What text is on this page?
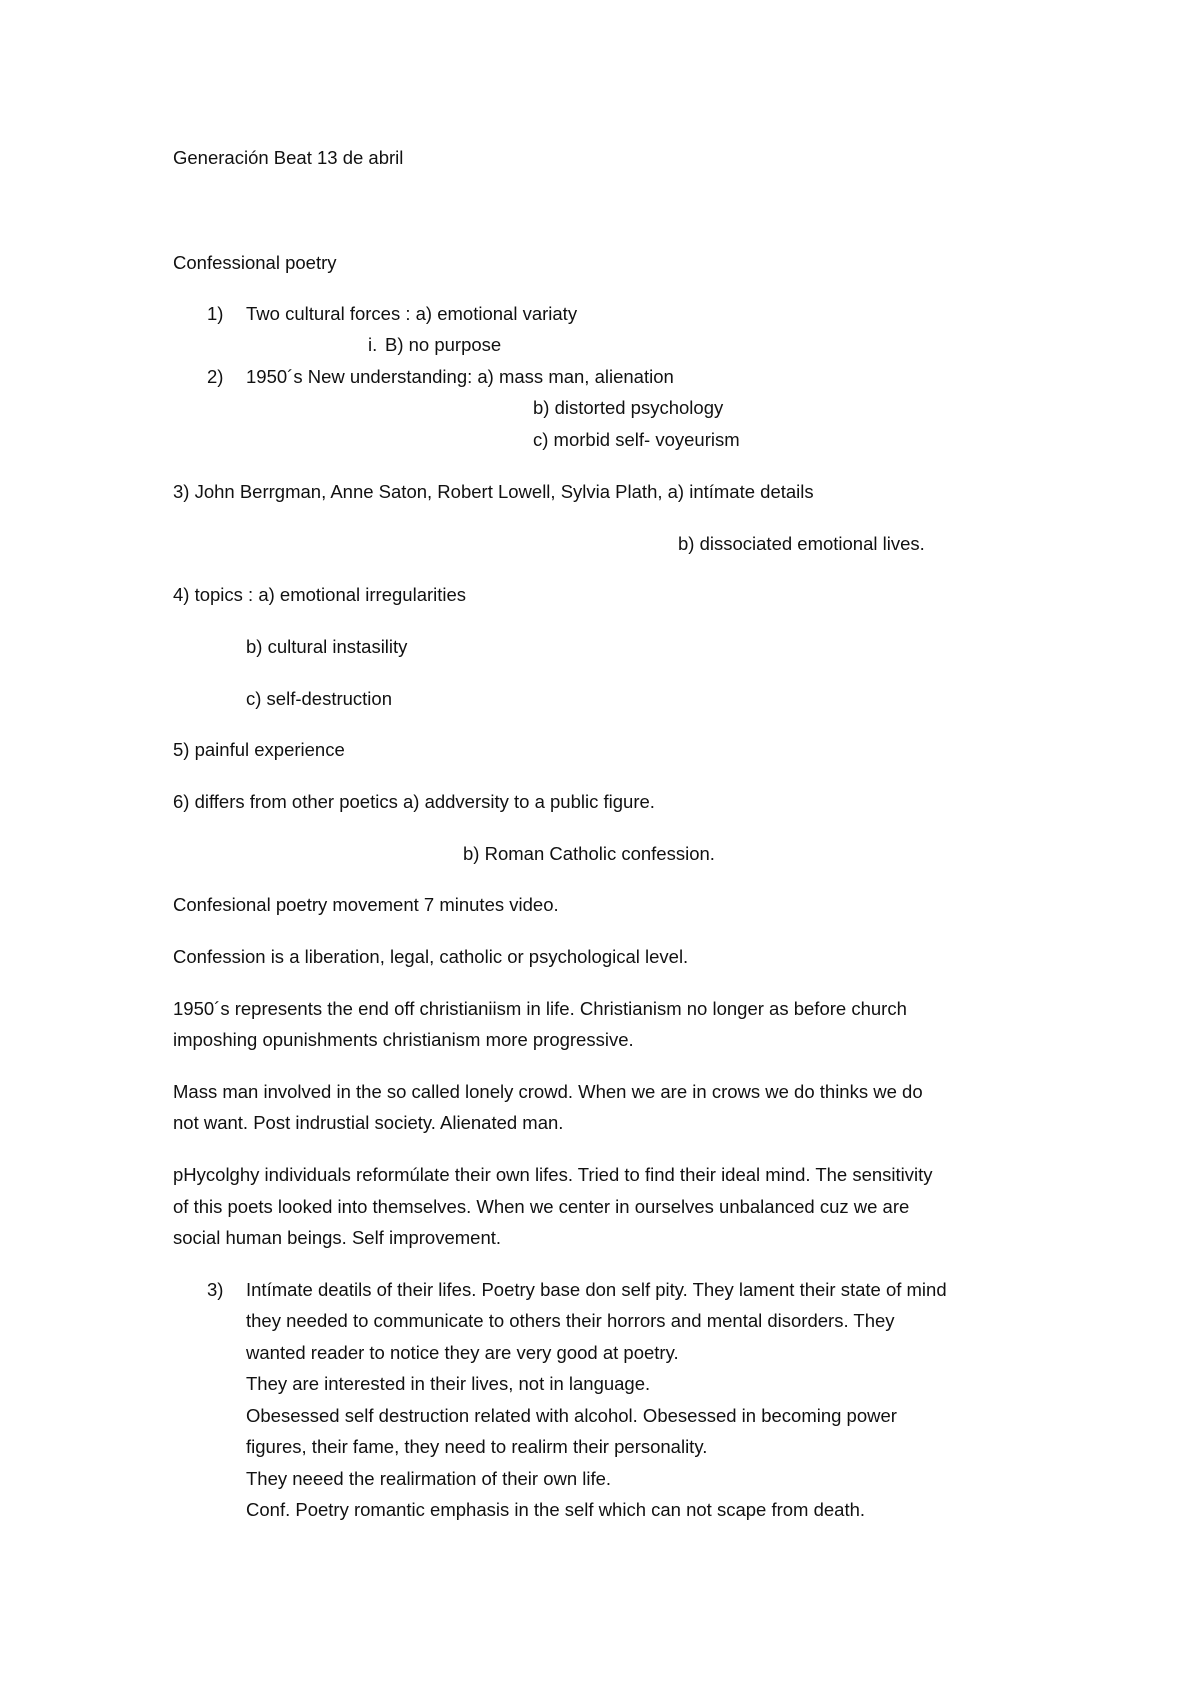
Generación Beat 13 de abril
Confessional poetry
1) Two cultural forces : a) emotional variaty
i. B) no purpose
2) 1950´s New understanding: a) mass man, alienation
b) distorted psychology
c) morbid self- voyeurism
3) John Berrgman, Anne Saton, Robert Lowell, Sylvia Plath, a) intímate details
b) dissociated emotional lives.
4) topics : a) emotional irregularities
b) cultural instasility
c) self-destruction
5) painful experience
6) differs from other poetics a) addversity to a public figure.
b) Roman Catholic confession.
Confesional poetry movement 7 minutes video.
Confession is a liberation, legal, catholic or psychological level.
1950´s represents the end off christianiism in life. Christianism no longer as before church
imposhing opunishments christianism more progressive.
Mass man involved in the so called lonely crowd. When we are in crows we do thinks we do
not want. Post indrustial society. Alienated man.
pHycolghy individuals reformúlate their own lifes. Tried to find their ideal mind. The sensitivity
of this poets looked into themselves. When we center in ourselves unbalanced cuz we are
social human beings. Self improvement.
3) Intímate deatils of their lifes. Poetry base don self pity. They lament their state of mind
they needed to communicate to others their horrors and mental disorders. They
wanted reader to notice they are very good at poetry.
They are interested in their lives, not in language.
Obesessed self destruction related with alcohol. Obesessed in becoming power
figures, their fame, they need to realirm their personality.
They neeed the realirmation of their own life.
Conf. Poetry romantic emphasis in the self which can not scape from death.
